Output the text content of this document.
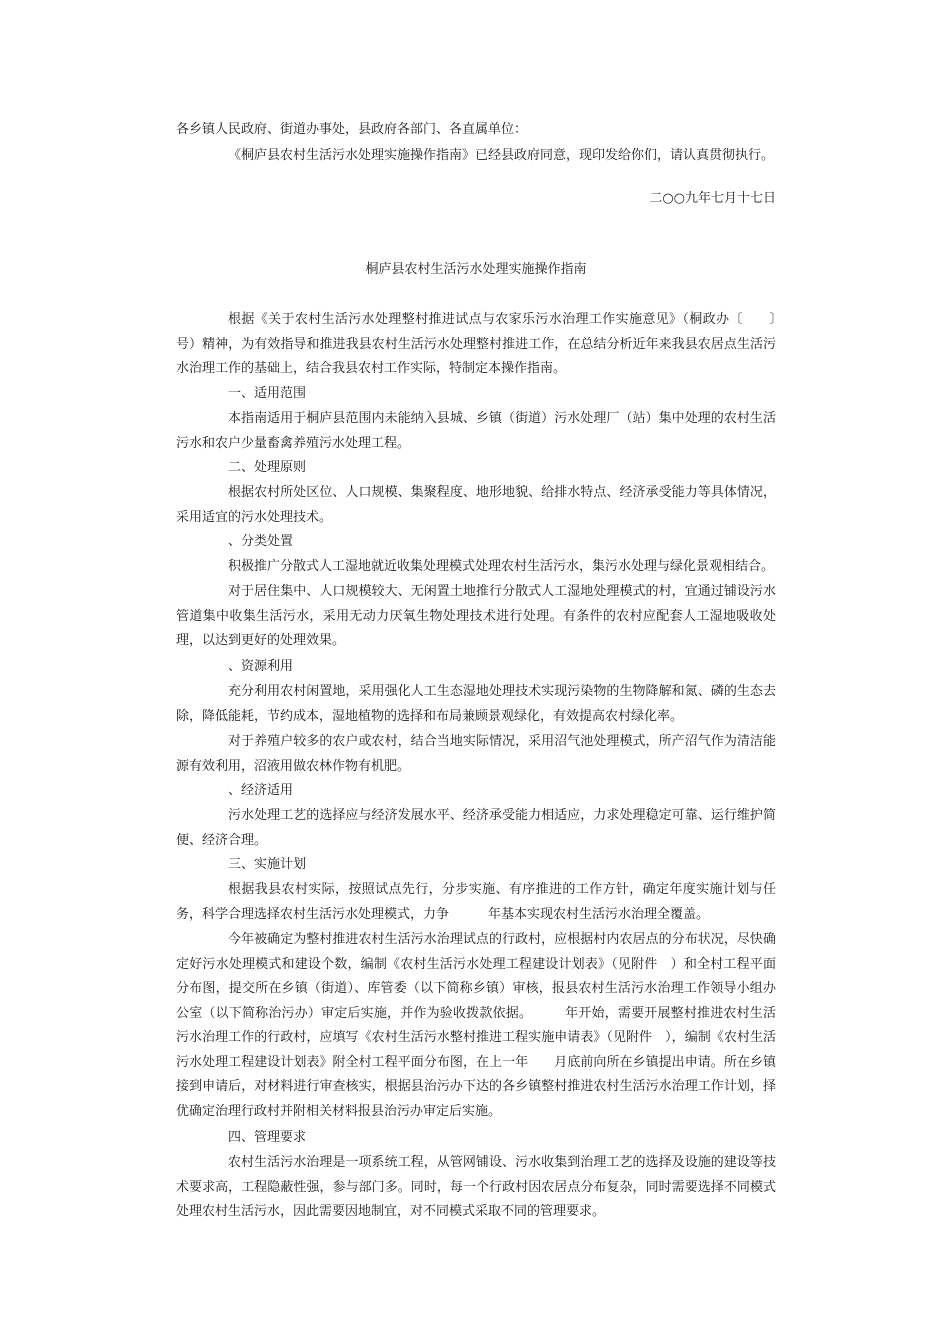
各乡镇人民政府、街道办事处，县政府各部门、各直属单位：
《桐庐县农村生活污水处理实施操作指南》已经县政府同意，现印发给你们，请认真贯彻执行。
二○○九年七月十七日
桐庐县农村生活污水处理实施操作指南
根据《关于农村生活污水处理整村推进试点与农家乐污水治理工作实施意见》（桐政办〔　　〕　　号）精神，为有效指导和推进我县农村生活污水处理整村推进工作，在总结分析近年来我县农居点生活污水治理工作的基础上，结合我县农村工作实际，特制定本操作指南。
一、适用范围
本指南适用于桐庐县范围内未能纳入县城、乡镇（街道）污水处理厂（站）集中处理的农村生活污水和农户少量畜禽养殖污水处理工程。
二、处理原则
根据农村所处区位、人口规模、集聚程度、地形地貌、给排水特点、经济承受能力等具体情况，采用适宜的污水处理技术。
、分类处置
积极推广分散式人工湿地就近收集处理模式处理农村生活污水，集污水处理与绿化景观相结合。
对于居住集中、人口规模较大、无闲置土地推行分散式人工湿地处理模式的村，宜通过铺设污水管道集中收集生活污水，采用无动力厌氧生物处理技术进行处理。有条件的农村应配套人工湿地吸收处理，以达到更好的处理效果。
、资源利用
充分利用农村闲置地，采用强化人工生态湿地处理技术实现污染物的生物降解和氮、磷的生态去除，降低能耗，节约成本，湿地植物的选择和布局兼顾景观绿化，有效提高农村绿化率。
对于养殖户较多的农户或农村，结合当地实际情况，采用沼气池处理模式，所产沼气作为清洁能源有效利用，沼液用做农林作物有机肥。
、经济适用
污水处理工艺的选择应与经济发展水平、经济承受能力相适应，力求处理稳定可靠、运行维护简便、经济合理。
三、实施计划
根据我县农村实际，按照试点先行，分步实施、有序推进的工作方针，确定年度实施计划与任务，科学合理选择农村生活污水处理模式，力争　　　年基本实现农村生活污水治理全覆盖。
今年被确定为整村推进农村生活污水治理试点的行政村，应根据村内农居点的分布状况，尽快确定好污水处理模式和建设个数，编制《农村生活污水处理工程建设计划表》（见附件　）和全村工程平面分布图，提交所在乡镇（街道）、库管委（以下简称乡镇）审核，报县农村生活污水治理工作领导小组办公室（以下简称治污办）审定后实施，并作为验收拨款依据。　　　年开始，需要开展整村推进农村生活污水治理工作的行政村，应填写《农村生活污水整村推进工程实施申请表》（见附件　），编制《农村生活污水处理工程建设计划表》附全村工程平面分布图，在上一年　　月底前向所在乡镇提出申请。所在乡镇接到申请后，对材料进行审查核实，根据县治污办下达的各乡镇整村推进农村生活污水治理工作计划，择优确定治理行政村并附相关材料报县治污办审定后实施。
四、管理要求
农村生活污水治理是一项系统工程，从管网铺设、污水收集到治理工艺的选择及设施的建设等技术要求高，工程隐蔽性强，参与部门多。同时，每一个行政村因农居点分布复杂，同时需要选择不同模式处理农村生活污水，因此需要因地制宜，对不同模式采取不同的管理要求。
